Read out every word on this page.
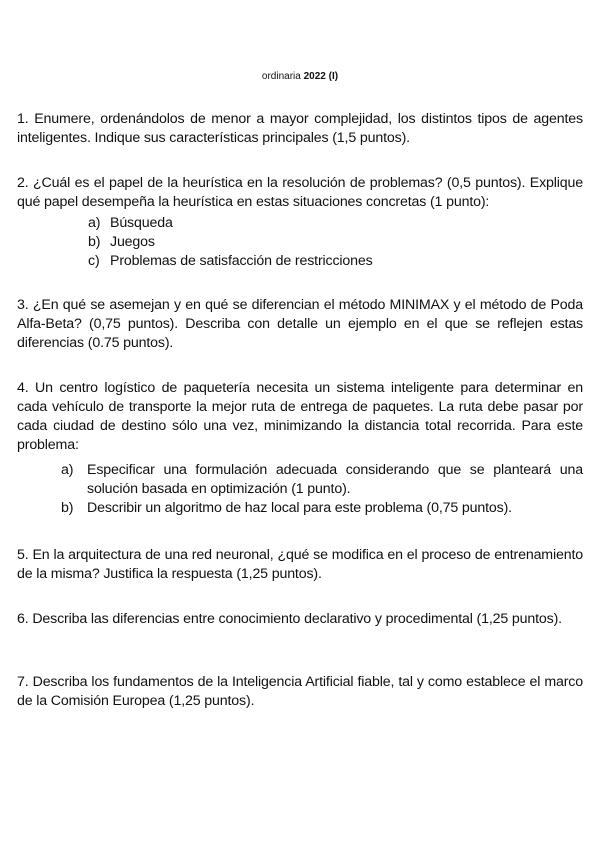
ordinaria 2022 (I)

1. Enumere, ordenándolos de menor a mayor complejidad, los distintos tipos de agentes inteligentes. Indique sus características principales (1,5 puntos).

2. ¿Cuál es el papel de la heurística en la resolución de problemas? (0,5 puntos). Explique qué papel desempeña la heurística en estas situaciones concretas (1 punto):

a) Búsqueda
b) Juegos
c) Problemas de satisfacción de restricciones

3. ¿En qué se asemejan y en qué se diferencian el método MINIMAX y el método de Poda Alfa-Beta? (0,75 puntos). Describa con detalle un ejemplo en el que se reflejen estas diferencias (0.75 puntos).

4. Un centro logístico de paquetería necesita un sistema inteligente para determinar en cada vehículo de transporte la mejor ruta de entrega de paquetes. La ruta debe pasar por cada ciudad de destino sólo una vez, minimizando la distancia total recorrida. Para este problema:

a) Especificar una formulación adecuada considerando que se planteará una solución basada en optimización (1 punto).
b) Describir un algoritmo de haz local para este problema (0,75 puntos).

5. En la arquitectura de una red neuronal, ¿qué se modifica en el proceso de entrenamiento de la misma? Justifica la respuesta (1,25 puntos).

6. Describa las diferencias entre conocimiento declarativo y procedimental (1,25 puntos).

7. Describa los fundamentos de la Inteligencia Artificial fiable, tal y como establece el marco de la Comisión Europea (1,25 puntos).
